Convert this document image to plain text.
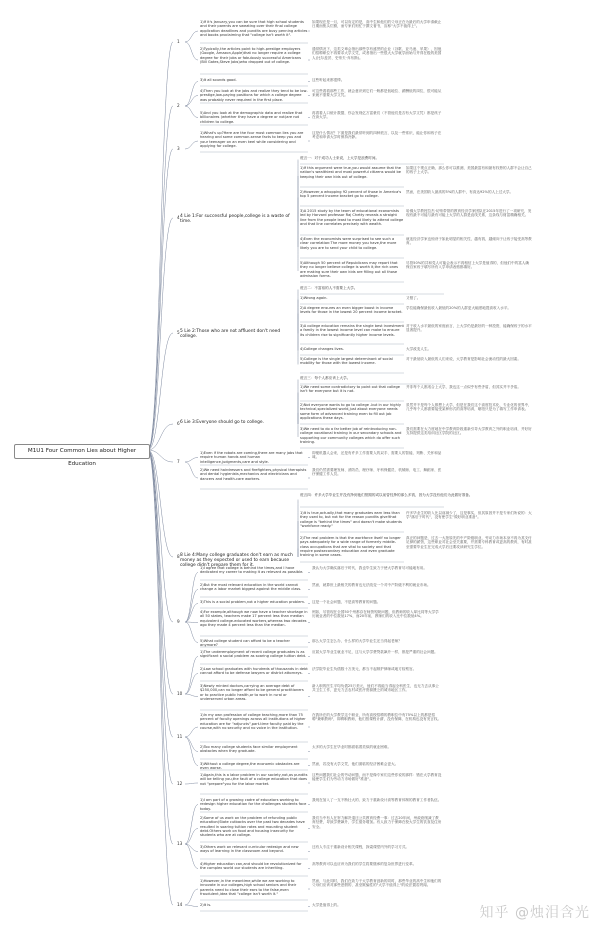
M1U1 Four Common Lies about Higher Education
1
1)If it's January,you can be sure that high school students and their parents are sweating over their final college application deadlines and pundits are busy penning articles and books proclaiming that "college isn't worth it".
如果现在是一月，可以肯定的是，高中生和他们的父母正在为最后的大学申请截止日期而焦头烂额，而专家们则忙于撰文著书，宣称"大学不值得上"。
2)Typically,the articles point to high-prestige employers (Google, Amazon,Apple)that no longer require a college degree for their jobs or fabulously successful Americans (Bill Gates,Steve Jobs)who dropped out of college.
通常情况下，这类文章会指出那些享有盛誉的企业（谷歌、亚马逊、苹果），因他们招聘职位不再要求大学文凭，或者指出一些很大大学就学而始与并得在极的美国人(比尔盖茨、史蒂夫·乔布斯)。
2
3)It all sounds good.	这些听起来都很棒。
4)Then you look at the jobs and realize they tend to be low-prestige,low-paying positions for which a college degree was probably never required in the first place.
可这些看看那些工作，就会意识到它们一般都是低地位、薪酬低的岗位，很可能从来就不需要大学文凭。
5)And you look at the demographic data and realize that billionaires (whether they have a degree or not)are not children to college.
再看看人口统计数据，你会发现亿万富豪们（不管他们是否有大学文凭）都是孩子在读大学。
3
1)What's up?Here are the four most common lies you are hearing and some common-sense facts to keep you and your teenager on an even keel while considering and applying for college.
这是什么情况？下面是我们最常听到的四种谎言，以及一些常识，能让你和孩子在考虑和申请大学时保持冷静。
4 4 Lie 1:For successful people,college is a waste of time.
谎言一：对于成功人士来说，上大学是浪费时间。
1)If this argument were true,you would assume that the nation's wealthiest and most powerful citizens would be keeping their own kids out of college.
如果这个观点正确，那么你可以推测，美国最富有和最有权势的人群不会让自己的孩子上大学。
2)However,a whopping 92 percent of those in America's top 5 percent income bracket go to college.
然而，在美国收入最高的5%的人群中，有高达92%的人上过大学。
3)A 2015 study by the team of educational economists led by Harvard professor Raj Chetty reveals a straight line from the people least to most likely to attend college and that line correlates precisely with wealth.
哈佛大学教授拉杰·切蒂带领的教育经济学家团队在2015年进行了一项研究，发现有最不可能与最有可能上大学的人群是直线关系，这条线与财富精确相关。
4)Even the economists were surprised to see such a clear correlation:The more money you have,the more likely you are to send your child to college.
就连经济学家也惊讶于如此明显的相关性，越有钱，越倾向于让孩子接受高等教育。
5)Although 50 percent of Republicans may report that they no longer believe college is worth it,the rich ones are making sure their own kids are filling out all those admission forms.
尽管50%的共和党人可能会表示不再相信上大学是值得的，但他们中的富人确保自家孩子填写所有入学申请表格都填好。
5 5 Lie 2:Those who are not affluent don't need college.
谎言二：不富裕的人不需要上大学。
1)Wrong again.	又错了。
2)A degree ensures an even bigger boost in income levels for those in the lowest 20 percent income bracket.
学位能确保最低收入最低的20%的人群更大幅度地提高收入水平。
3)A college education remains the single best investment a family in the lowest income level can make to ensure its children rise to significantly higher income levels.
对于收入水平最低的家庭而言，上大学仍是最好的一种投资，能确保孩子的水平显著提升。
4)College changes lives.	大学改变人生。
5)College is the single largest determinant of social mobility for those with the lowest income.
对于最低收入最低的人们来说，大学教育是影响社会流动性的最大因素。
6 6 Lie 3:Everyone should go to college.
谎言三：每个人都应该上大学。
1)We need some contradictory to point out that college isn't for everyone but it is not.
并非每个人都适合上大学，我也这一点似乎有些矛盾，但其实并不矛盾。
2)Not everyone wants to go to college -but in our highly technical,specialized world,just about everyone needs some form of advanced training even to fill out job applications these days.
虽然并不是每个人都想上大学，但是在我们这个高度技术化、专业化的世界中，几乎每个人都需要接受某种形式的高等培训，哪怕只是为了填写工作申请表。
3)We need to do a far better job of reintroducing non-college vocational training in our secondary schools and supporting our community colleges which do offer such training.
我们需要在大力度地在中学教育阶段重新引导大学教育之外的职业培训，并好好支持提供这类培训社区学院的社区。
7
1)Even if the robots are coming,there are many jobs that require human hands and human intelligence,judgments,care and style.
即便机器人会来，还是有许多工作需要人的双手、需要人的智能、判断、关怀和品味。
2)We need hairdressers and firefighters,physical therapists and dental hygienists,mechanics and electricians and dancers and health-care workers.
我们仍然需要理发师、消防员、理疗师、牙科保健员、机械师、电工、舞蹈家、医疗保健工作人员。
8 8 Lie 4:Many college graduates don't earn as much money as they expected or used to earn because college didn't prepare them for it.
谎言四：许多大学毕业生并没有挣到他们预期的或以前曾经挣的那么多钱，因为大学没有他们为此做好准备。
1)It is true,actually,that many graduates earn less than they used to, but not for the reason pundits give!that college is "behind the times" and doesn't make students "workforce ready."
许多毕业生的收入比以前减少了，这是事实，但其原因并不是专家们所说的：大学"落后于时代"，没有使学生"做好职业准备"。
2)The real problem is that the workforce itself no longer pays adequately for a wide range of formerly middle-class occupations that are vital to society and that require postsecondary education and even graduate training in some cases.
真正的问题是，过去一大批原先的中产阶级职业，劳动力市场本身不再为其支付足够的薪资，这些职业对社会至关重要，并需要专科教育或更高的教育，有时甚至需要毕业生在完成大学后还要攻读研究生学位。
9
1)I agree that college is behind the times,and I have dedicated my career to making it as relevant as possible.
我认为大学确实落后于时代，我也毕生致力于使大学教育尽可能地有用。
2)But the most relevant education in the world cannot change a labor market biggest against the middle class.
然而，就算世上最相关的教育也无法改变一个对中产阶级不利的就业市场。
3)This is a social problem,not a higher education problem.	这是一个社会问题，不是高等教育的问题。
4)For example,although we now have a teacher shortage in all 50 states, teachers make 17 percent less than median equivalent college-educated workers,whereas two decades ago they made 4 percent less than the median.
例如，尽管现在全国50个州都存在师资短缺问题，但教师的收入却比同等大学学历就业者的中位数低17%，而20年前，教师们的收入比中位数低4%。
5)What college student can afford to be a teacher anymore?
那么大学生怎么办，什么样的大学毕业生还当得起老师？
10
1)The underemployment of recent college graduates is as significant a social problem as soaring college tuition debt.
应届大学毕业生就业不足，这与大学学费贷款飙升一样，都是严重的社会问题。
2)Law school graduates with hundreds of thousands in debt cannot afford to be defense lawyers or district attorneys.
法学院毕业生负债数十万美元，都当不起辩护律师或地方检察官。
3)Newly minted doctors,carrying an average debt of $250,000,can no longer afford to be general practitioners or to practice public health,or to work in rural or underserved urban areas.
新入职的医生平均负债25万美元，他们不再能当得起全科医生，也无力去从事公共卫生工作，更无力去农村或医疗资源匮乏的城市地区工作。
11
1)In my own profession of college teaching,more than 75 percent of faculty openings across all institutions of higher education are for "adjuncts",part-time faculty paid by the course,with no security and no voice in the institution.
在我所在的大学教学这个职业，所有高校招聘的教职位中有75%以上的都是招聘"兼职教师"，即聘职教师，他们按课程计薪，没有保障，在机构也没有发言权。
2)Too many college students face similar employment obstacles when they graduate.
太多的大学生在毕业时都面临着类似的就业困难。
3)Without a college degree,the economic obstacles are even worse.
然而，若没有大学文凭，他们面临的经济困难会更大。
12
1)Again,this is a labor problem in our society,not,as pundits will be telling you,the fault of a college education that does not "prepare"you for the labor market.
这些问题我们社会的劳动问题，而不是像专家们这些你说的那样：错在大学教育没能使学生们为劳动力市场做好"准备"。
13
1)I am part of a growing cadre of educators working to redesign higher education for the challenges students face today.
我现在加入了一支不断壮大的、致力于重新设计高等教育体制的教育工作者队伍。
2)Some of us work on the problem of refunding public education(State cutbacks over the past two decades have resulted in soaring tuition rates and mounting student debt.Others work on food and housing insecurity for students who are at college.
我们当中有人在努力解决退还公共教育经费一事：过去20年间，州政府削减了教育经费，导致学费飙升，学生债务增加。有人致力于保障在校大学生的饮食及住房安全。
3)Others work on relevant curricular redesign and new ways of learning in the classroom and beyond.
还有人专注于重新设计相关课程，探索课堂内外的学习方式。
4)Higher education can,and should be revolutionized for the complex world our students are inheriting.
高等教育可以也应该为我们的学生将要继承的复杂世界进行变革。
14
1)However,in the meantime,while we are working to innovate in our colleges,high school seniors and their parents need to close their ears to the false,even fraudulent,idea that "college isn't worth it."
然而，与此同时，我们在致力于大学教育创新的同时，那些毕业的高中生和他们的父母们应该对那些虚假的、甚至欺骗性的"大学不值得上"的说法置若罔闻。
2)It is.	大学是值得上的。	知乎 @烛泪含光
